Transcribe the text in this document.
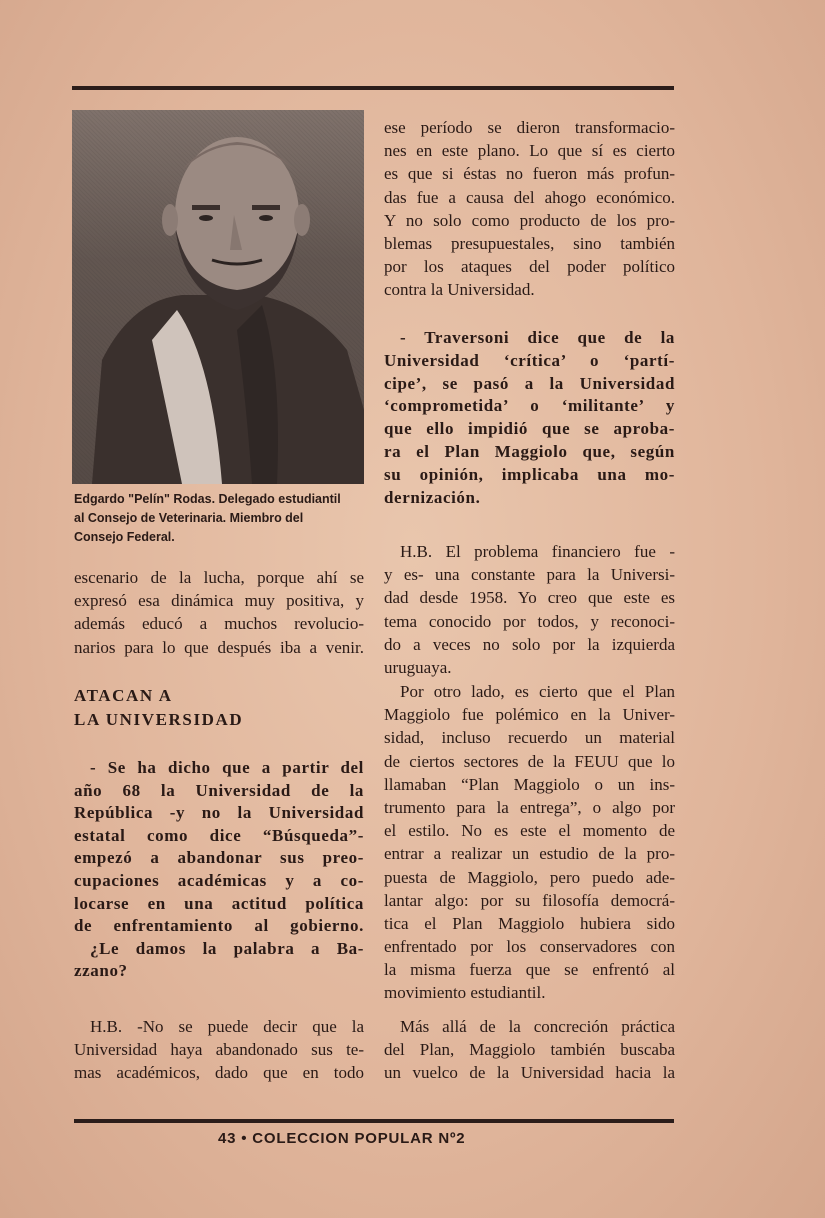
Edgardo "Pelín" Rodas. Delegado estudiantil
al Consejo de Veterinaria. Miembro del
Consejo Federal.
escenario de la lucha, porque ahí se
expresó esa dinámica muy positiva, y
además educó a muchos revolucio-
narios para lo que después iba a venir.
ATACAN A
LA UNIVERSIDAD
- Se ha dicho que a partir del
año 68 la Universidad de la
República -y no la Universidad
estatal como dice “Búsqueda”-
empezó a abandonar sus preo-
cupaciones académicas y a co-
locarse en una actitud política
de enfrentamiento al gobierno.
¿Le damos la palabra a Ba-
zzano?
H.B. -No se puede decir que la
Universidad haya abandonado sus te-
mas académicos, dado que en todo
ese período se dieron transformacio-
nes en este plano. Lo que sí es cierto
es que si éstas no fueron más profun-
das fue a causa del ahogo económico.
Y no solo como producto de los pro-
blemas presupuestales, sino también
por los ataques del poder político
contra la Universidad.
- Traversoni dice que de la
Universidad ‘crítica’ o ‘partí-
cipe’, se pasó a la Universidad
‘comprometida’ o ‘militante’ y
que ello impidió que se aproba-
ra el Plan Maggiolo que, según
su opinión, implicaba una mo-
dernización.
H.B. El problema financiero fue -
y es- una constante para la Universi-
dad desde 1958. Yo creo que este es
tema conocido por todos, y reconoci-
do a veces no solo por la izquierda
uruguaya.
Por otro lado, es cierto que el Plan
Maggiolo fue polémico en la Univer-
sidad, incluso recuerdo un material
de ciertos sectores de la FEUU que lo
llamaban “Plan Maggiolo o un ins-
trumento para la entrega”, o algo por
el estilo. No es este el momento de
entrar a realizar un estudio de la pro-
puesta de Maggiolo, pero puedo ade-
lantar algo: por su filosofía democrá-
tica el Plan Maggiolo hubiera sido
enfrentado por los conservadores con
la misma fuerza que se enfrentó al
movimiento estudiantil.
Más allá de la concreción práctica
del Plan, Maggiolo también buscaba
un vuelco de la Universidad hacia la
43 • COLECCION POPULAR Nº2
